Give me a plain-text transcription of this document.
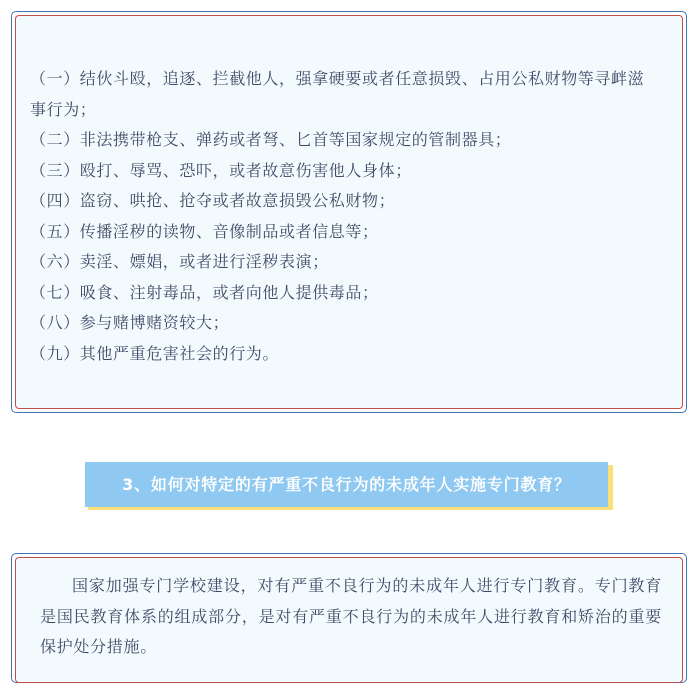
（一）结伙斗殴，追逐、拦截他人，强拿硬要或者任意损毁、占用公私财物等寻衅滋事行为；
（二）非法携带枪支、弹药或者弩、匕首等国家规定的管制器具；
（三）殴打、辱骂、恐吓，或者故意伤害他人身体；
（四）盗窃、哄抢、抢夺或者故意损毁公私财物；
（五）传播淫秽的读物、音像制品或者信息等；
（六）卖淫、嫖娼，或者进行淫秽表演；
（七）吸食、注射毒品，或者向他人提供毒品；
（八）参与赌博赌资较大；
（九）其他严重危害社会的行为。
3、如何对特定的有严重不良行为的未成年人实施专门教育？

国家加强专门学校建设，对有严重不良行为的未成年人进行专门教育。专门教育是国民教育体系的组成部分，是对有严重不良行为的未成年人进行教育和矫治的重要保护处分措施。
